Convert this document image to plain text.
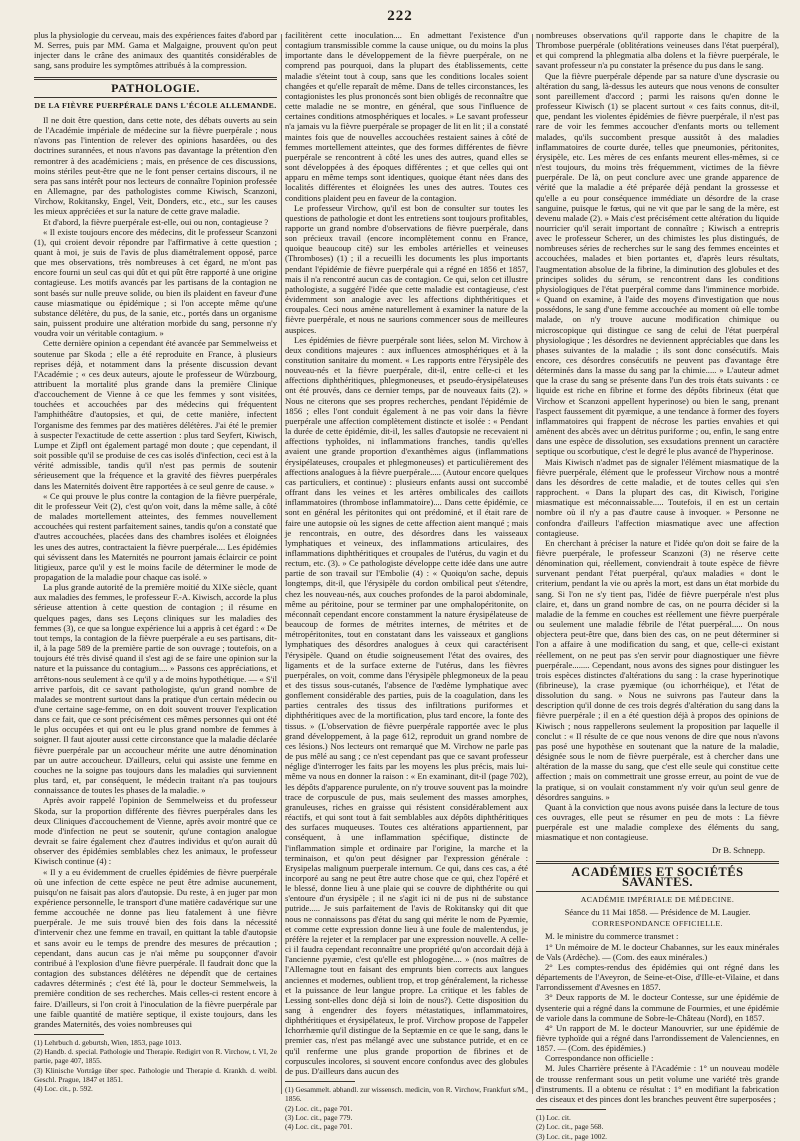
222

plus la physiologie du cerveau, mais des expériences faites d'abord par M. Serres, puis par MM. Gama et Malgaigne, prouvent qu'on peut injecter dans le crâne des animaux des quantités considérables de sang, sans produire les symptômes attribués à la compression.

PATHOLOGIE.
DE LA FIÈVRE PUERPÉRALE DANS L'ÉCOLE ALLEMANDE.

Il ne doit être question, dans cette note, des débats ouverts au sein de l'Académie impériale de médecine sur la fièvre puerpérale ; nous n'avons pas l'intention de relever des opinions hasardées, ou des doctrines surannées, et nous n'avons pas davantage la prétention d'en remontrer à des académiciens ; mais, en présence de ces discussions, moins stériles peut-être que ne le font penser certains discours, il ne sera pas sans intérêt pour nos lecteurs de connaître l'opinion professée en Allemagne, par des pathologistes comme Kiwisch, Scanzoni, Virchow, Rokitansky, Engel, Veit, Donders, etc., etc., sur les causes les mieux appréciées et sur la nature de cette grave maladie.

Et d'abord, la fièvre puerpérale est-elle, oui ou non, contagieuse ?

« Il existe toujours encore des médecins, dit le professeur Scanzoni (1), qui croient devoir répondre par l'affirmative à cette question ; quant à moi, je suis de l'avis de plus diamétralement opposé, parce que mes observations, très nombreuses à cet égard, ne m'ont pas encore fourni un seul cas qui dût et qui pût être rapporté à une origine contagieuse. Les motifs avancés par les partisans de la contagion ne sont basés sur nulle preuve solide, ou bien ils plaident en faveur d'une cause miasmatique ou épidémique ; si l'on accepte même qu'une substance délétère, du pus, de la sanie, etc., portés dans un organisme sain, puissent produire une altération morbide du sang, personne n'y voudra voir un véritable contagium. »

Cette dernière opinion a cependant été avancée par Semmelweiss et soutenue par Skoda ; elle a été reproduite en France, à plusieurs reprises déjà, et notamment dans la présente discussion devant l'Académie ; « ces deux auteurs, ajoute le professeur de Würzbourg, attribuent la mortalité plus grande dans la première Clinique d'accouchement de Vienne à ce que les femmes y sont visitées, touchées et accouchées par des médecins qui fréquentent l'amphithéâtre d'autopsies, et qui, de cette manière, infectent l'organisme des femmes par des matières délétères. J'ai été le premier à suspecter l'exactitude de cette assertion : plus tard Seyfert, Kiwisch, Lumpe et Zipfl ont également partagé mon doute ; que cependant, il soit possible qu'il se produise de ces cas isolés d'infection, ceci est à la vérité admissible, tandis qu'il n'est pas permis de soutenir sérieusement que la fréquence et la gravité des fièvres puerpérales dans les Maternités doivent être rapportées à ce seul genre de cause. »

« Ce qui prouve le plus contre la contagion de la fièvre puerpérale, dit le professeur Veit (2), c'est qu'on voit, dans la même salle, à côté de malades mortellement atteintes, des femmes nouvellement accouchées qui restent parfaitement saines, tandis qu'on a constaté que d'autres accouchées, placées dans des chambres isolées et éloignées les unes des autres, contractaient la fièvre puerpérale.... Les épidémies qui sévissent dans les Maternités ne pourront jamais éclaircir ce point litigieux, parce qu'il y est le moins facile de déterminer le mode de propagation de la maladie pour chaque cas isolé. »

La plus grande autorité de la première moitié du XIXe siècle, quant aux maladies des femmes, le professeur F.-A. Kiwisch, accorde la plus sérieuse attention à cette question de contagion ; il résume en quelques pages, dans ses Leçons cliniques sur les maladies des femmes (3), ce que sa longue expérience lui a appris à cet égard : « De tout temps, la contagion de la fièvre puerpérale a eu ses partisans, dit-il, à la page 589 de la première partie de son ouvrage ; toutefois, on a toujours été très divisé quand il s'est agi de se faire une opinion sur la nature et la puissance du contagium.... » Passons ces appréciations, et arrêtons-nous seulement à ce qu'il y a de moins hypothétique. — « S'il arrive parfois, dit ce savant pathologiste, qu'un grand nombre de malades se montrent surtout dans la pratique d'un certain médecin ou d'une certaine sage-femme, on en doit souvent trouver l'explication dans ce fait, que ce sont précisément ces mêmes personnes qui ont été le plus occupées et qui ont eu le plus grand nombre de femmes à soigner. Il faut ajouter aussi cette circonstance que la maladie déclarée fièvre puerpérale par un accoucheur mérite une autre dénomination par un autre accoucheur. D'ailleurs, celui qui assiste une femme en couches ne la soigne pas toujours dans les maladies qui surviennent plus tard, et, par conséquent, le médecin traitant n'a pas toujours connaissance de toutes les phases de la maladie. »

Après avoir rappelé l'opinion de Semmelweiss et du professeur Skoda, sur la proportion différente des fièvres puerpérales dans les deux Cliniques d'accouchement de Vienne, après avoir montré que ce mode d'infection ne peut se soutenir, qu'une contagion analogue devrait se faire également chez d'autres individus et qu'on aurait dû observer des épidémies semblables chez les animaux, le professeur Kiwisch continue (4) :

« Il y a eu évidemment de cruelles épidémies de fièvre puerpérale où une infection de cette espèce ne peut être admise aucunement, puisqu'on ne faisait pas alors d'autopsie. Du reste, à en juger par mon expérience personnelle, le transport d'une matière cadavérique sur une femme accouchée ne donne pas lieu fatalement à une fièvre puerpérale. Je me suis trouvé bien des fois dans la nécessité d'intervenir chez une femme en travail, en quittant la table d'autopsie et sans avoir eu le temps de prendre des mesures de précaution ; cependant, dans aucun cas je n'ai même pu soupçonner d'avoir contribué à l'explosion d'une fièvre puerpérale. Il faudrait donc que la contagion des substances délétères ne dépendît que de certaines cadavres déterminés ; c'est été là, pour le docteur Semmelweis, la première condition de ses recherches. Mais celles-ci restent encore à faire. D'ailleurs, si l'on croit à l'inoculation de la fièvre puerpérale par une faible quantité de matière septique, il existe toujours, dans les grandes Maternités, des voies nombreuses qui

(1) Lehrbuch d. geburtsh, Wien, 1853, page 1013.
(2) Handb. d. special. Pathologie und Therapie. Redigirt von R. Virchow, t. VI, 2e partie, page 407, 1855.
(3) Klinische Vorträge über spec. Pathologie und Therapie d. Krankh. d. weibl. Geschl. Prague, 1847 et 1851.
(4) Loc. cit., p. 592.

facilitèrent cette inoculation.... En admettant l'existence d'un contagium transmissible comme la cause unique, ou du moins la plus importante dans le développement de la fièvre puerpérale, on ne comprend pas pourquoi, dans la plupart des établissements, cette maladie s'éteint tout à coup, sans que les conditions locales soient changées et qu'elle reparaît de même. Dans de telles circonstances, les contagionistes les plus prononcés sont bien obligés de reconnaître que cette maladie ne se montre, en général, que sous l'influence de certaines conditions atmosphériques et locales. » Le savant professeur n'a jamais vu la fièvre puerpérale se propager de lit en lit ; il a constaté maintes fois que de nouvelles accouchées restaient saines à côté de femmes mortellement atteintes, que des formes différentes de fièvre puerpérale se rencontrent à côté les unes des autres, quand elles se sont développées à des époques différentes ; et que celles qui ont apparu en même temps sont identiques, quoique étant nées dans des localités différentes et éloignées les unes des autres. Toutes ces conditions plaident peu en faveur de la contagion.

Le professeur Virchow, qu'il est bon de consulter sur toutes les questions de pathologie et dont les entretiens sont toujours profitables, rapporte un grand nombre d'observations de fièvre puerpérale, dans son précieux travail (encore incomplètement connu en France, quoique beaucoup cité) sur les emboles artérielles et veineuses (Thromboses) (1) ; il a recueilli les documents les plus importants pendant l'épidémie de fièvre puerpérale qui a régné en 1856 et 1857, mais il n'a rencontré aucun cas de contagion. Ce qui, selon cet illustre pathologiste, a suggéré l'idée que cette maladie est contagieuse, c'est évidemment son analogie avec les affections diphthéritiques et croupales. Ceci nous amène naturellement à examiner la nature de la fièvre puerpérale, et nous ne saurions commencer sous de meilleures auspices.

Les épidémies de fièvre puerpérale sont liées, selon M. Virchow à deux conditions majeures : aux influences atmosphériques et à la constitution sanitaire du moment. « Les rapports entre l'érysipèle des nouveau-nés et la fièvre puerpérale, dit-il, entre celle-ci et les affections diphthéritiques, phlegmoneuses, et pseudo-érysipélateuses ont été prouvés, dans ce dernier temps, par de nouveaux faits (2). » Nous ne citerons que ses propres recherches, pendant l'épidémie de 1856 ; elles l'ont conduit également à ne pas voir dans la fièvre puerpérale une affection complètement distincte et isolée : « Pendant la durée de cette épidémie, dit-il, les salles d'autopsie ne recevaient ni affections typhoïdes, ni inflammations franches, tandis qu'elles avaient une grande proportion d'exanthèmes aigus (inflammations érysipélateuses, croupales et phlegmoneuses) et particulièrement des affections analogues à la fièvre puerpérale..... (Autour encore quelques cas particuliers, et continue) : plusieurs enfants aussi ont succombé offrant dans les veines et les artères ombilicales des caillots inflammatoires (thrombose inflammatoire).... Dans cette épidémie, ce sont en général les péritonites qui ont prédominé, et il était rare de faire une autopsie où les signes de cette affection aient manqué ; mais je rencontrais, en outre, des désordres dans les vaisseaux lymphatiques et veineux, des inflammations articulaires, des inflammations diphthéritiques et croupales de l'utérus, du vagin et du rectum, etc. (3). » Ce pathologiste développe cette idée dans une autre partie de son travail sur l'Embolie (4) : « Quoiqu'on sache, depuis longtemps, dit-il, que l'érysipèle du cordon ombilical peut s'étendre, chez les nouveau-nés, aux couches profondes de la paroi abdominale, même au péritoine, pour se terminer par une omphalopéritonite, on méconnaît cependant encore constamment la nature érysipélateuse de beaucoup de formes de métrites internes, de métrites et de métropéritonites, tout en constatant dans les vaisseaux et ganglions lymphatiques des désordres analogues à ceux qui caractérisent l'érysipèle. Quand on étudie soigneusement l'état des ovaires, des ligaments et de la surface externe de l'utérus, dans les fièvres puerpérales, on voit, comme dans l'érysipèle phlegmoneux de la peau et des tissus sous-cutanés, l'absence de l'œdème lymphatique avec gonflement considérable des parties, puis de la coagulation, dans les parties centrales des tissus des infiltrations puriformes et diphthéritiques avec de la mortification, plus tard encore, la fonte des tissus. » (L'observation de fièvre puerpérale rapportée avec le plus grand développement, à la page 612, reproduit un grand nombre de ces lésions.) Nos lecteurs ont remarqué que M. Virchow ne parle pas de pus mêlé au sang ; ce n'est cependant pas que ce savant professeur néglige d'interroger les faits par les moyens les plus précis, mais lui-même va nous en donner la raison : « En examinant, dit-il (page 702), les dépôts d'apparence purulente, on n'y trouve souvent pas la moindre trace de corpuscule de pus, mais seulement des masses amorphes, granuleuses, riches en graisse qui résistent considérablement aux réactifs, et qui sont tout à fait semblables aux dépôts diphthéritiques des surfaces muqueuses. Toutes ces altérations appartiennent, par conséquent, à une inflammation spécifique, distincte de l'inflammation simple et ordinaire par l'origine, la marche et la terminaison, et qu'on peut désigner par l'expression générale : Erysipelas malignum puerperale internum. Ce qui, dans ces cas, a été incorporé au sang ne peut être autre chose que ce qui, chez l'opéré et le blessé, donne lieu à une plaie qui se couvre de diphthérite ou qui s'entoure d'un érysipèle ; il ne s'agit ici ni de pus ni de substance putride..... Je suis parfaitement de l'avis de Rokitansky qui dit que nous ne connaissons pas d'état du sang qui mérite le nom de Pyæmie, et comme cette expression donne lieu à une foule de malentendus, je préfère la rejeter et la remplacer par une expression nouvelle. A celle-ci il faudra cependant reconnaître une propriété qu'on accordait déjà à l'ancienne pyæmie, c'est qu'elle est phlogogène.... » (nos maîtres de l'Allemagne tout en faisant des emprunts bien corrects aux langues anciennes et modernes, oublient trop, et trop généralement, la richesse et la puissance de leur langue propre. La critique et les fables de Lessing sont-elles donc déjà si loin de nous?). Cette disposition du sang à engendrer des foyers métastatiques, inflammatoires, diphthéritiques et érysipélateux, le prof. Virchow propose de l'appeler Ichorrhæmie qu'il distingue de la Septæmie en ce que le sang, dans le premier cas, n'est pas mélangé avec une substance putride, et en ce qu'il renferme une plus grande proportion de fibrines et de corpuscules incolores, si souvent encore confondus avec des globules de pus. D'ailleurs dans aucun des

(1) Gesammelt. abhandl. zur wissensch. medicin, von R. Virchow, Frankfurt s/M., 1856.
(2) Loc. cit., page 701.
(3) Loc. cit., page 779.
(4) Loc. cit., page 701.

nombreuses observations qu'il rapporte dans le chapitre de la Thrombose puerpérale (oblitérations veineuses dans l'état puerpéral), et qui comprend la phlegmatia alba dolens et la fièvre puerpérale, le savant professeur n'a pu constater la présence du pus dans le sang.

Que la fièvre puerpérale dépende par sa nature d'une dyscrasie ou altération du sang, là-dessus les auteurs que nous venons de consulter sont pareillement d'accord ; parmi les raisons qu'en donne le professeur Kiwisch (1) se placent surtout « ces faits connus, dit-il, que, pendant les violentes épidémies de fièvre puerpérale, il n'est pas rare de voir les femmes accoucher d'enfants morts ou tellement malades, qu'ils succombent presque aussitôt à des maladies inflammatoires de courte durée, telles que pneumonies, péritonites, érysipèle, etc. Les mères de ces enfants meurent elles-mêmes, si ce n'est toujours, du moins très fréquemment, victimes de la fièvre puerpérale. De là, on peut conclure avec une grande apparence de vérité que la maladie a été préparée déjà pendant la grossesse et qu'elle a eu pour conséquence immédiate un désordre de la crase sanguine, puisque le fœtus, qui ne vit que par le sang de la mère, est devenu malade (2). » Mais c'est précisément cette altération du liquide nourricier qu'il serait important de connaître ; Kiwisch a entrepris avec le professeur Scherer, un des chimistes les plus distingués, de nombreuses séries de recherches sur le sang des femmes enceintes et accouchées, malades et bien portantes et, d'après leurs résultats, l'augmentation absolue de la fibrine, la diminution des globules et des principes solides du sérum, se rencontrent dans les conditions physiologiques de l'état puerpéral comme dans l'imminence morbide. « Quand on examine, à l'aide des moyens d'investigation que nous possédons, le sang d'une femme accouchée au moment où elle tombe malade, on n'y trouve aucune modification chimique ou microscopique qui distingue ce sang de celui de l'état puerpéral physiologique ; les désordres ne deviennent appréciables que dans les phases suivantes de la maladie ; ils sont donc consécutifs. Mais encore, ces désordres consécutifs ne peuvent pas d'avantage être déterminés dans la masse du sang par la chimie..... » L'auteur admet que la crase du sang se présente dans l'un des trois états suivants : ce liquide est riche en fibrine et forme des dépôts fibrineux (état que Virchow et Scanzoni appellent hyperinose) ou bien le sang, prenant l'aspect faussement dit pyæmique, a une tendance à former des foyers inflammatoires qui frappent de nécrose les parties envahies et qui amènent des abcès avec un détritus puriforme ; ou, enfin, le sang entre dans une espèce de dissolution, ses exsudations prennent un caractère septique ou scorbutique, c'est le degré le plus avancé de l'hyperinose.

Mais Kiwisch n'admet pas de signaler l'élément miasmatique de la fièvre puerpérale, élément que le professeur Virchow nous a montré dans les désordres de cette maladie, et de toutes celles qui s'en rapprochent. « Dans la plupart des cas, dit Kiwisch, l'origine miasmatique est méconnaissable..... Toutefois, il en est un certain nombre où il n'y a pas d'autre cause à invoquer. » Personne ne confondra d'ailleurs l'affection miasmatique avec une affection contagieuse.

En cherchant à préciser la nature et l'idée qu'on doit se faire de la fièvre puerpérale, le professeur Scanzoni (3) ne réserve cette dénomination qui, réellement, conviendrait à toute espèce de fièvre survenant pendant l'état puerpéral, qu'aux maladies « dont le criterium, pendant la vie ou après la mort, est dans un état morbide du sang. Si l'on ne s'y tient pas, l'idée de fièvre puerpérale n'est plus claire, et, dans un grand nombre de cas, on ne pourra décider si la maladie de la femme en couches est réellement une fièvre puerpérale ou seulement une maladie fébrile de l'état puerpéral..... On nous objectera peut-être que, dans bien des cas, on ne peut déterminer si l'on a affaire à une modification du sang, et que, celle-ci existant réellement, on ne peut pas s'en servir pour diagnostiquer une fièvre puerpérale........ Cependant, nous avons des signes pour distinguer les trois espèces distinctes d'altérations du sang : la crase hyperinotique (fibrineuse), la crase pyæmique (ou ichorrhéique), et l'état de dissolution du sang. » Nous ne suivrons pas l'auteur dans la description qu'il donne de ces trois degrés d'altération du sang dans la fièvre puerpérale ; il en a été question déjà à propos des opinions de Kiwisch ; nous rappellerons seulement la proposition par laquelle il conclut : « Il résulte de ce que nous venons de dire que nous n'avons pas posé une hypothèse en soutenant que la nature de la maladie, désignée sous le nom de fièvre puerpérale, est à chercher dans une altération de la masse du sang, que c'est elle seule qui constitue cette affection ; mais on commettrait une grosse erreur, au point de vue de la pratique, si on voulait constamment n'y voir qu'un seul genre de désordres sanguins. »

Quant à la conviction que nous avons puisée dans la lecture de tous ces ouvrages, elle peut se résumer en peu de mots : La fièvre puerpérale est une maladie complexe des éléments du sang, miasmatique et non contagieuse.

Dr B. Schnepp.
ACADÉMIES ET SOCIÉTÉS SAVANTES.
ACADÉMIE IMPÉRIALE DE MÉDECINE.
Séance du 11 Mai 1858. — Présidence de M. Laugier.
CORRESPONDANCE OFFICIELLE.

M. le ministre du commerce transmet :

1° Un mémoire de M. le docteur Chabannes, sur les eaux minérales de Vals (Ardèche). — (Com. des eaux minérales.)

2° Les comptes-rendus des épidémies qui ont régné dans les départements de l'Aveyron, de Seine-et-Oise, d'Ille-et-Vilaine, et dans l'arrondissement d'Avesnes en 1857.

3° Deux rapports de M. le docteur Contesse, sur une épidémie de dysenterie qui a régné dans la commune de Fourmies, et une épidémie de variole dans la commune de Sobre-le-Château (Nord), en 1857.

4° Un rapport de M. le docteur Manouvrier, sur une épidémie de fièvre typhoïde qui a régné dans l'arrondissement de Valenciennes, en 1857. — (Com. des épidémies.)

Correspondance non officielle :

M. Jules Charrière présente à l'Académie : 1° un nouveau modèle de trousse renfermant sous un petit volume une variété très grande d'instruments. Il a obtenu ce résultat : 1° en modifiant la fabrication des ciseaux et des pinces dont les branches peuvent être superposées ;

(1) Loc. cit.
(2) Loc. cit., page 568.
(3) Loc. cit., page 1002.
